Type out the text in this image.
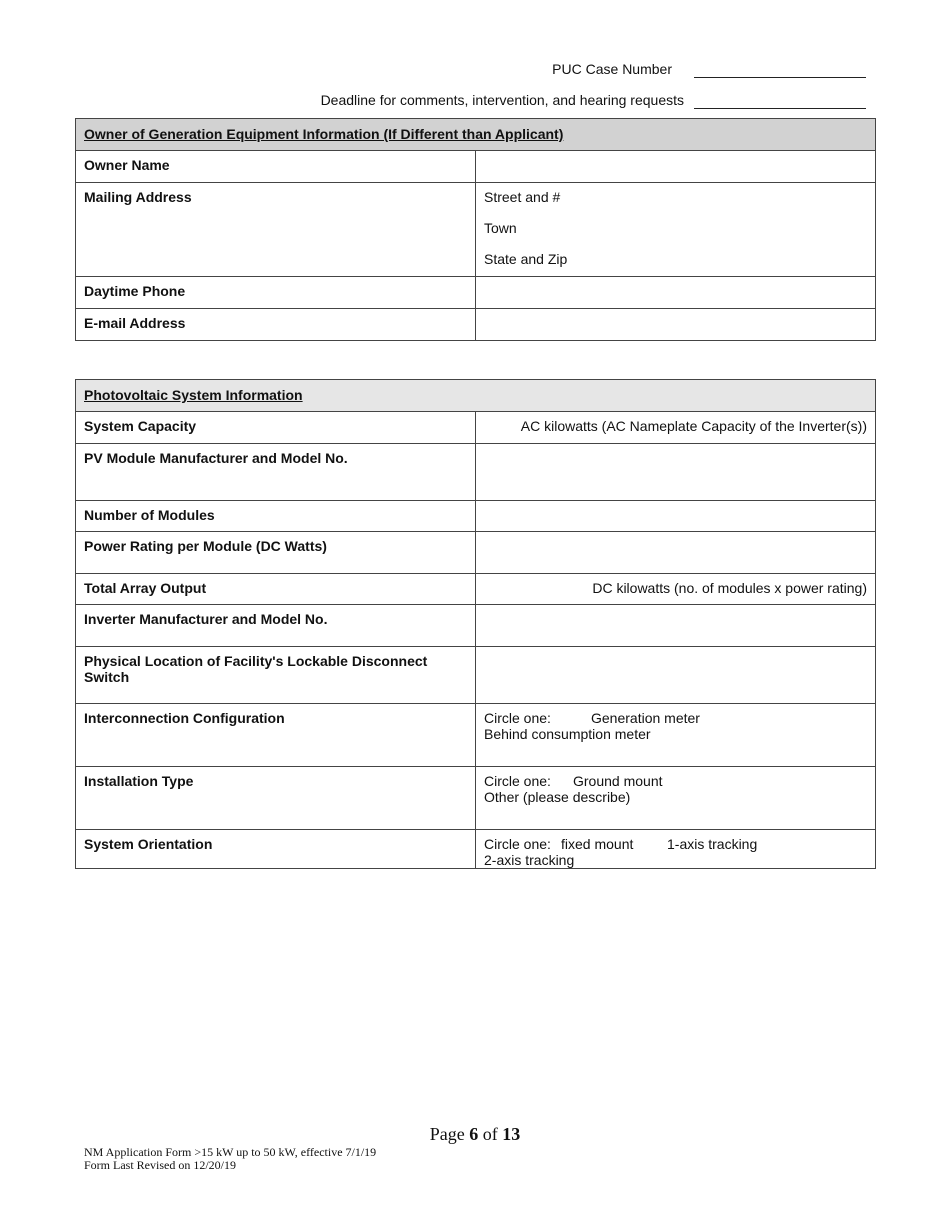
PUC Case Number
Deadline for comments, intervention, and hearing requests
Owner of Generation Equipment Information (If Different than Applicant)	
Owner Name	
Mailing Address	Street and #
Town
State and Zip

Daytime Phone	
E-mail Address	
Photovoltaic System Information	
System Capacity	AC kilowatts (AC Nameplate Capacity of the Inverter(s))
PV Module Manufacturer and Model No.	
Number of Modules	
Power Rating per Module (DC Watts)	
Total Array Output	DC kilowatts (no. of modules x power rating)
Inverter Manufacturer and Model No.	
Physical Location of Facility's Lockable Disconnect Switch	
Interconnection Configuration	Circle one: Generation meterBehind consumption meter
Installation Type	Circle one: Ground mountOther (please describe)
System Orientation	Circle one: fixed mount 1-axis tracking2-axis tracking
Page 6 of 13
NM Application Form >15 kW up to 50 kW, effective 7/1/19
Form Last Revised on 12/20/19
